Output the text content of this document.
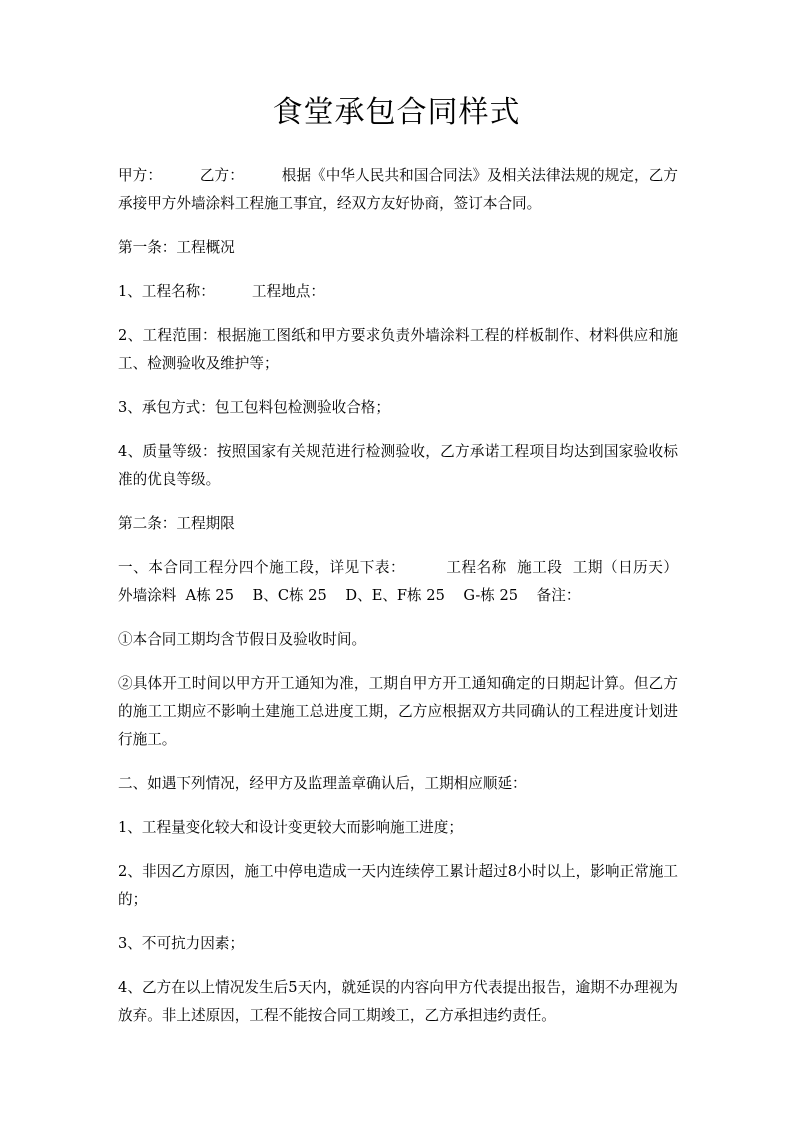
食堂承包合同样式

甲方：        乙方：        根据《中华人民共和国合同法》及相关法律法规的规定，乙方承接甲方外墙涂料工程施工事宜，经双方友好协商，签订本合同。

第一条：工程概况

1、工程名称：        工程地点：

2、工程范围：根据施工图纸和甲方要求负责外墙涂料工程的样板制作、材料供应和施工、检测验收及维护等；

3、承包方式：包工包料包检测验收合格；

4、质量等级：按照国家有关规范进行检测验收，乙方承诺工程项目均达到国家验收标准的优良等级。

第二条：工程期限

一、本合同工程分四个施工段，详见下表：        工程名称  施工段  工期（日历天）  外墙涂料  A栋 25    B、C栋 25    D、E、F栋 25    G-栋 25    备注：

①本合同工期均含节假日及验收时间。

②具体开工时间以甲方开工通知为准，工期自甲方开工通知确定的日期起计算。但乙方的施工工期应不影响土建施工总进度工期，乙方应根据双方共同确认的工程进度计划进行施工。

二、如遇下列情况，经甲方及监理盖章确认后，工期相应顺延：

1、工程量变化较大和设计变更较大而影响施工进度；

2、非因乙方原因，施工中停电造成一天内连续停工累计超过8小时以上，影响正常施工的；

3、不可抗力因素；

4、乙方在以上情况发生后5天内，就延误的内容向甲方代表提出报告，逾期不办理视为放弃。非上述原因，工程不能按合同工期竣工，乙方承担违约责任。
